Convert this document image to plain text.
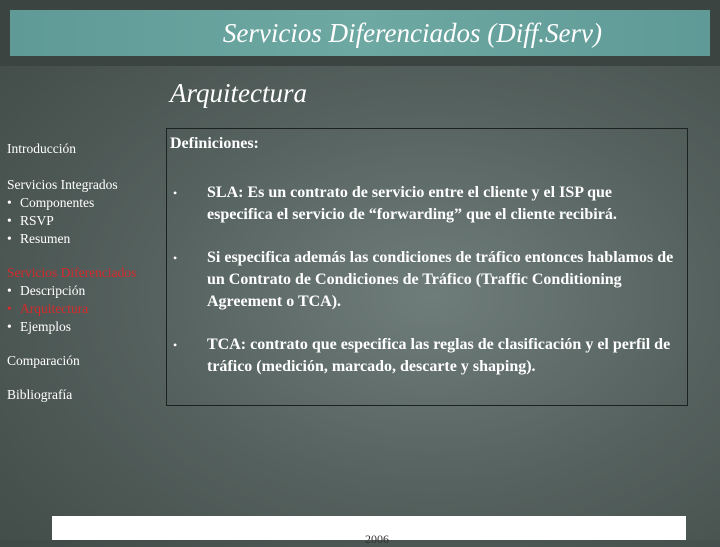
Servicios Diferenciados (Diff.Serv)
Arquitectura
Introducción
Servicios Integrados
• Componentes
• RSVP
• Resumen
Servicios Diferenciados
• Descripción
• Arquitectura
• Ejemplos
Comparación
Bibliografía
Definiciones:
•	SLA: Es un contrato de servicio entre el cliente y el ISP que especifica el servicio de “forwarding” que el cliente recibirá.
•	Si especifica además las condiciones de tráfico entonces hablamos de un Contrato de Condiciones de Tráfico (Traffic Conditioning Agreement o TCA).
•	TCA: contrato que especifica las reglas de clasificación y el perfil de tráfico (medición, marcado, descarte y shaping).
2006
